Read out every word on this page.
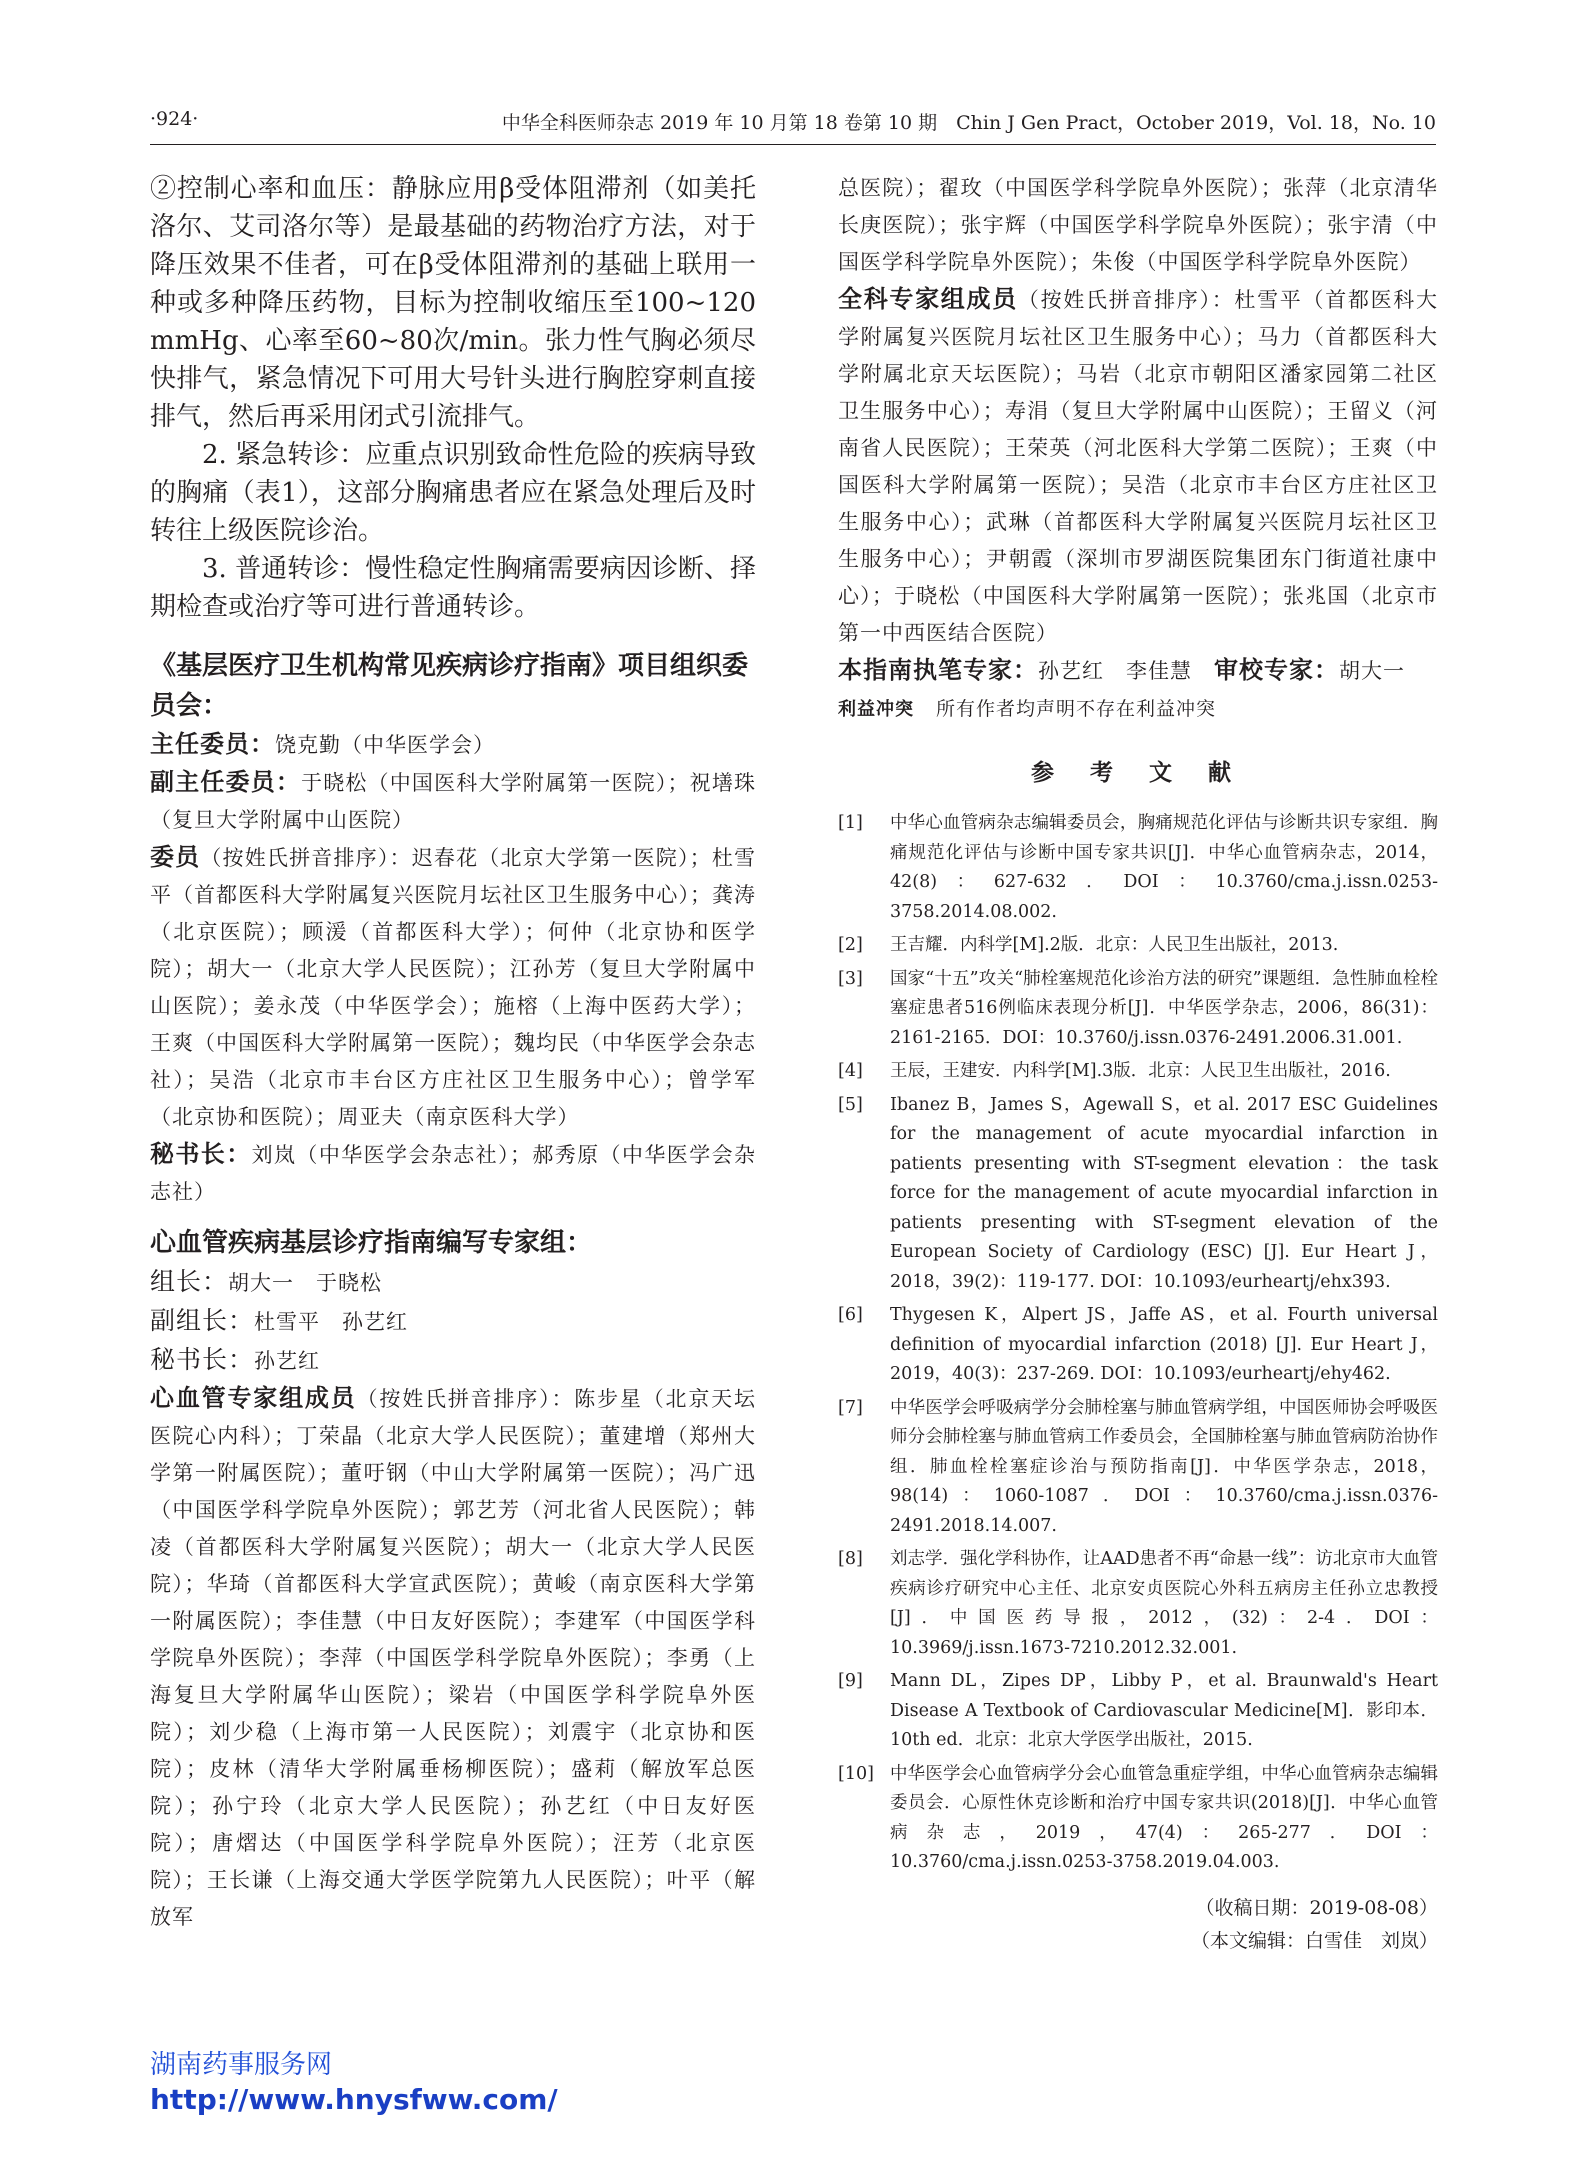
·924·	中华全科医师杂志 2019 年 10 月第 18 卷第 10 期　Chin J Gen Pract，October 2019，Vol. 18，No. 10

②控制心率和血压：静脉应用β受体阻滞剂（如美托洛尔、艾司洛尔等）是最基础的药物治疗方法，对于降压效果不佳者，可在β受体阻滞剂的基础上联用一种或多种降压药物，目标为控制收缩压至100~120 mmHg、心率至60~80次/min。张力性气胸必须尽快排气，紧急情况下可用大号针头进行胸腔穿刺直接排气，然后再采用闭式引流排气。

2. 紧急转诊：应重点识别致命性危险的疾病导致的胸痛（表1），这部分胸痛患者应在紧急处理后及时转往上级医院诊治。

3. 普通转诊：慢性稳定性胸痛需要病因诊断、择期检查或治疗等可进行普通转诊。

《基层医疗卫生机构常见疾病诊疗指南》项目组织委员会：

主任委员：饶克勤（中华医学会）

副主任委员：于晓松（中国医科大学附属第一医院）；祝墡珠（复旦大学附属中山医院）

委员（按姓氏拼音排序）：迟春花（北京大学第一医院）；杜雪平（首都医科大学附属复兴医院月坛社区卫生服务中心）；龚涛（北京医院）；顾湲（首都医科大学）；何仲（北京协和医学院）；胡大一（北京大学人民医院）；江孙芳（复旦大学附属中山医院）；姜永茂（中华医学会）；施榕（上海中医药大学）；王爽（中国医科大学附属第一医院）；魏均民（中华医学会杂志社）；吴浩（北京市丰台区方庄社区卫生服务中心）；曾学军（北京协和医院）；周亚夫（南京医科大学）

秘书长：刘岚（中华医学会杂志社）；郝秀原（中华医学会杂志社）

心血管疾病基层诊疗指南编写专家组：

组长：胡大一　于晓松

副组长：杜雪平　孙艺红

秘书长：孙艺红

心血管专家组成员（按姓氏拼音排序）：陈步星（北京天坛医院心内科）；丁荣晶（北京大学人民医院）；董建增（郑州大学第一附属医院）；董吁钢（中山大学附属第一医院）；冯广迅（中国医学科学院阜外医院）；郭艺芳（河北省人民医院）；韩凌（首都医科大学附属复兴医院）；胡大一（北京大学人民医院）；华琦（首都医科大学宣武医院）；黄峻（南京医科大学第一附属医院）；李佳慧（中日友好医院）；李建军（中国医学科学院阜外医院）；李萍（中国医学科学院阜外医院）；李勇（上海复旦大学附属华山医院）；梁岩（中国医学科学院阜外医院）；刘少稳（上海市第一人民医院）；刘震宇（北京协和医院）；皮林（清华大学附属垂杨柳医院）；盛莉（解放军总医院）；孙宁玲（北京大学人民医院）；孙艺红（中日友好医院）；唐熠达（中国医学科学院阜外医院）；汪芳（北京医院）；王长谦（上海交通大学医学院第九人民医院）；叶平（解放军

总医院）；翟玫（中国医学科学院阜外医院）；张萍（北京清华长庚医院）；张宇辉（中国医学科学院阜外医院）；张宇清（中国医学科学院阜外医院）；朱俊（中国医学科学院阜外医院）

全科专家组成员（按姓氏拼音排序）：杜雪平（首都医科大学附属复兴医院月坛社区卫生服务中心）；马力（首都医科大学附属北京天坛医院）；马岩（北京市朝阳区潘家园第二社区卫生服务中心）；寿涓（复旦大学附属中山医院）；王留义（河南省人民医院）；王荣英（河北医科大学第二医院）；王爽（中国医科大学附属第一医院）；吴浩（北京市丰台区方庄社区卫生服务中心）；武琳（首都医科大学附属复兴医院月坛社区卫生服务中心）；尹朝霞（深圳市罗湖医院集团东门街道社康中心）；于晓松（中国医科大学附属第一医院）；张兆国（北京市第一中西医结合医院）

本指南执笔专家：孙艺红　李佳慧　 审校专家：胡大一

利益冲突　 所有作者均声明不存在利益冲突

参 考 文 献
[1]	中华心血管病杂志编辑委员会，胸痛规范化评估与诊断共识专家组．胸痛规范化评估与诊断中国专家共识[J]．中华心血管病杂志，2014，42(8)：627-632．DOI：10.3760/cma.j.issn.0253-3758.2014.08.002.
[2]	王吉耀．内科学[M].2版．北京：人民卫生出版社，2013.
[3]	国家“十五”攻关“肺栓塞规范化诊治方法的研究”课题组．急性肺血栓栓塞症患者516例临床表现分析[J]．中华医学杂志，2006，86(31)：2161-2165．DOI：10.3760/j.issn.0376-2491.2006.31.001.
[4]	王辰，王建安．内科学[M].3版．北京：人民卫生出版社，2016.
[5]	Ibanez B，James S，Agewall S，et al. 2017 ESC Guidelines for the management of acute myocardial infarction in patients presenting with ST-segment elevation：the task force for the management of acute myocardial infarction in patients presenting with ST-segment elevation of the European Society of Cardiology (ESC) [J]. Eur Heart J，2018，39(2)：119-177. DOI：10.1093/eurheartj/ehx393.
[6]	Thygesen K，Alpert JS，Jaffe AS，et al. Fourth universal definition of myocardial infarction (2018) [J]. Eur Heart J，2019，40(3)：237-269. DOI：10.1093/eurheartj/ehy462.
[7]	中华医学会呼吸病学分会肺栓塞与肺血管病学组，中国医师协会呼吸医师分会肺栓塞与肺血管病工作委员会，全国肺栓塞与肺血管病防治协作组．肺血栓栓塞症诊治与预防指南[J]．中华医学杂志，2018，98(14)：1060-1087．DOI：10.3760/cma.j.issn.0376-2491.2018.14.007.
[8]	刘志学．强化学科协作，让AAD患者不再“命悬一线”：访北京市大血管疾病诊疗研究中心主任、北京安贞医院心外科五病房主任孙立忠教授[J]．中国医药导报，2012，(32)：2-4．DOI：10.3969/j.issn.1673-7210.2012.32.001.
[9]	Mann DL，Zipes DP，Libby P，et al. Braunwald's Heart Disease A Textbook of Cardiovascular Medicine[M]．影印本．10th ed．北京：北京大学医学出版社，2015.
[10] 中华医学会心血管病学分会心血管急重症学组，中华心血管病杂志编辑委员会．心原性休克诊断和治疗中国专家共识(2018)[J]．中华心血管病杂志，2019，47(4)：265-277．DOI：10.3760/cma.j.issn.0253-3758.2019.04.003.
（收稿日期：2019-08-08）
（本文编辑：白雪佳　刘岚）
湖南药事服务网
http://www.hnysfww.com/
